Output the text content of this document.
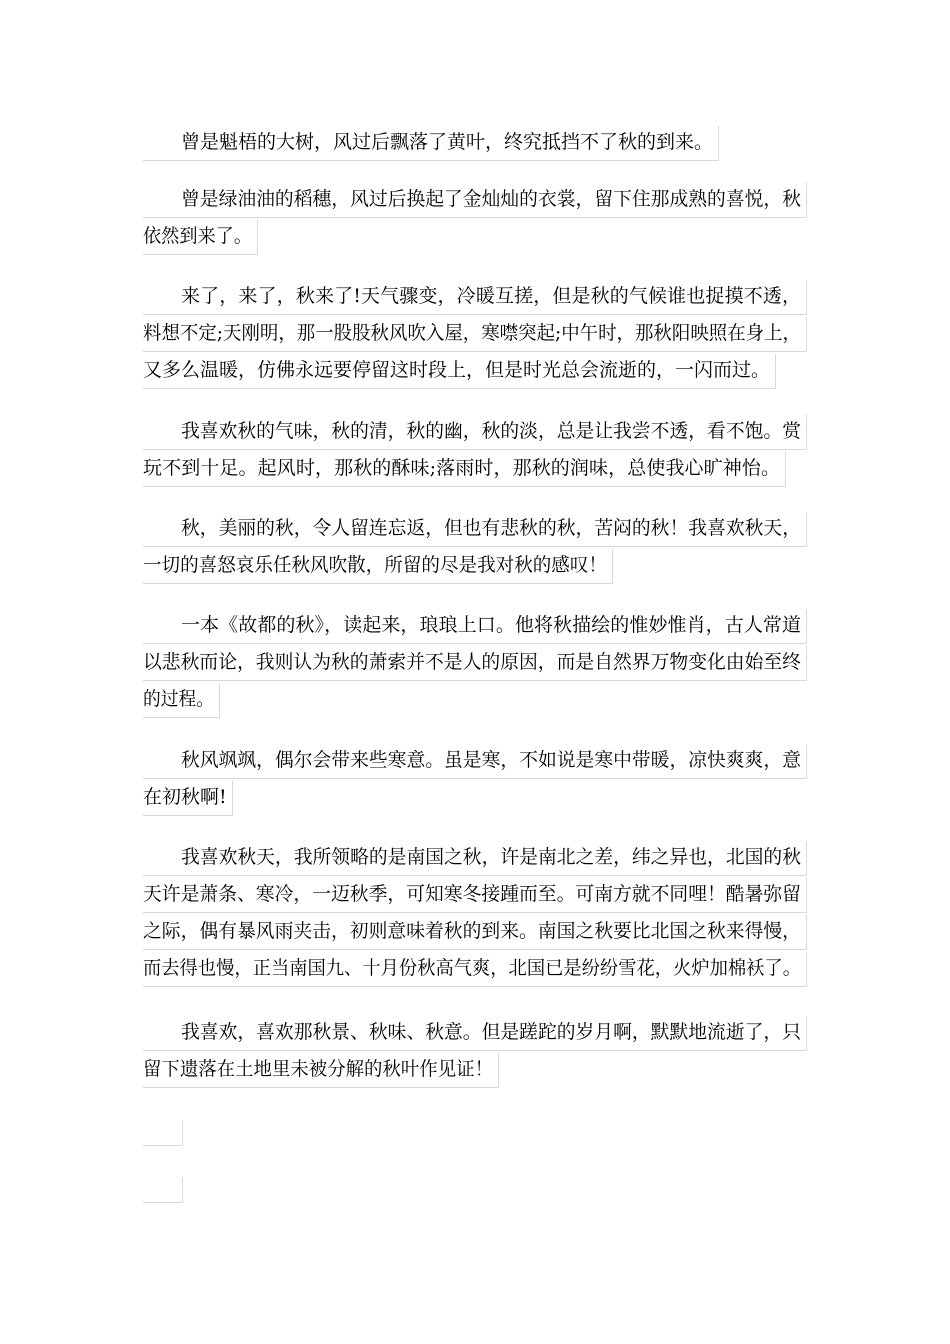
曾是魁梧的大树，风过后飘落了黄叶，终究抵挡不了秋的到来。
曾是绿油油的稻穗，风过后换起了金灿灿的衣裳，留下住那成熟的喜悦，秋
依然到来了。
来了，来了，秋来了!天气骤变，冷暖互搓，但是秋的气候谁也捉摸不透，
料想不定;天刚明，那一股股秋风吹入屋，寒噤突起;中午时，那秋阳映照在身上，
又多么温暖，仿佛永远要停留这时段上，但是时光总会流逝的，一闪而过。
我喜欢秋的气味，秋的清，秋的幽，秋的淡，总是让我尝不透，看不饱。赏
玩不到十足。起风时，那秋的酥味;落雨时，那秋的润味，总使我心旷神怡。
秋，美丽的秋，令人留连忘返，但也有悲秋的秋，苦闷的秋！我喜欢秋天，
一切的喜怒哀乐任秋风吹散，所留的尽是我对秋的感叹！
一本《故都的秋》，读起来，琅琅上口。他将秋描绘的惟妙惟肖，古人常道
以悲秋而论，我则认为秋的萧索并不是人的原因，而是自然界万物变化由始至终
的过程。
秋风飒飒，偶尔会带来些寒意。虽是寒，不如说是寒中带暖，凉快爽爽，意
在初秋啊!
我喜欢秋天，我所领略的是南国之秋，许是南北之差，纬之异也，北国的秋
天许是萧条、寒冷，一迈秋季，可知寒冬接踵而至。可南方就不同哩！酷暑弥留
之际，偶有暴风雨夹击，初则意味着秋的到来。南国之秋要比北国之秋来得慢，
而去得也慢，正当南国九、十月份秋高气爽，北国已是纷纷雪花，火炉加棉袄了。
我喜欢，喜欢那秋景、秋味、秋意。但是蹉跎的岁月啊，默默地流逝了，只
留下遗落在土地里未被分解的秋叶作见证！
